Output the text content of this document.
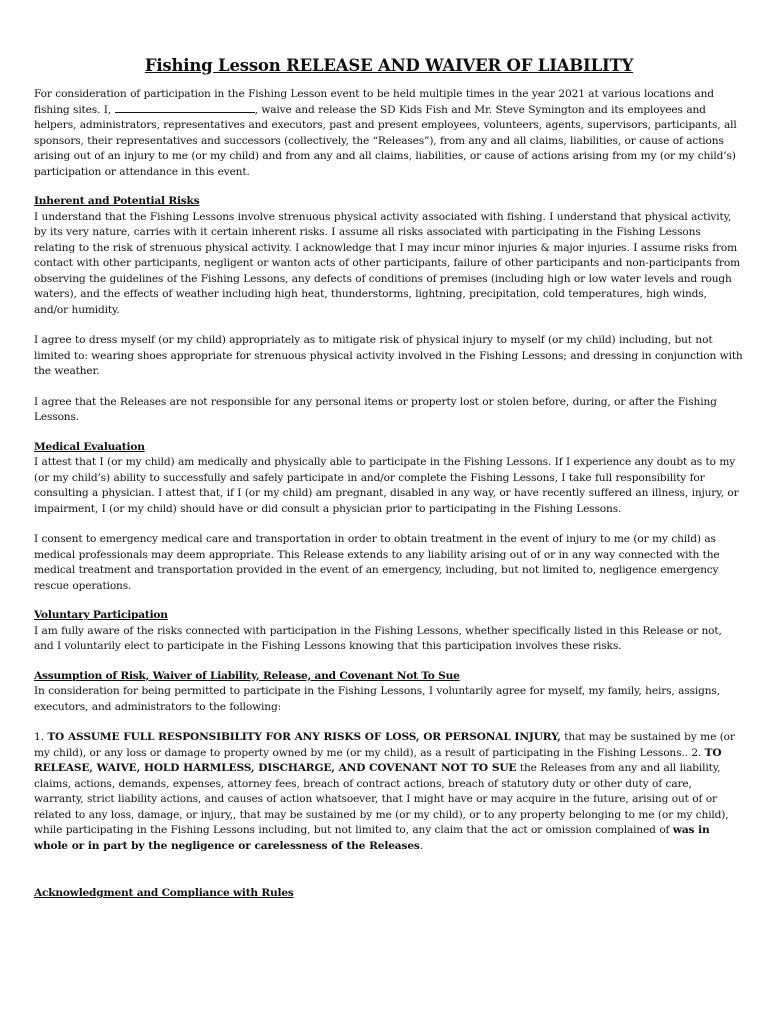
Fishing Lesson RELEASE AND WAIVER OF LIABILITY

For consideration of participation in the Fishing Lesson event to be held multiple times in the year 2021 at various locations and fishing sites. I,	, waive and release the SD Kids Fish and Mr. Steve Symington and its employees and helpers, administrators, representatives and executors, past and present employees, volunteers, agents, supervisors, participants, all sponsors, their representatives and successors (collectively, the “Releases”), from any and all claims, liabilities, or cause of actions arising out of an injury to me (or my child) and from any and all claims, liabilities, or cause of actions arising from my (or my child’s) participation or attendance in this event.

Inherent and Potential Risks

I understand that the Fishing Lessons involve strenuous physical activity associated with fishing. I understand that physical activity, by its very nature, carries with it certain inherent risks. I assume all risks associated with participating in the Fishing Lessons relating to the risk of strenuous physical activity. I acknowledge that I may incur minor injuries & major injuries. I assume risks from contact with other participants, negligent or wanton acts of other participants, failure of other participants and non-participants from observing the guidelines of the Fishing Lessons, any defects of conditions of premises (including high or low water levels and rough waters), and the effects of weather including high heat, thunderstorms, lightning, precipitation, cold temperatures, high winds, and/or humidity.

I agree to dress myself (or my child) appropriately as to mitigate risk of physical injury to myself (or my child) including, but not limited to: wearing shoes appropriate for strenuous physical activity involved in the Fishing Lessons; and dressing in conjunction with the weather.

I agree that the Releases are not responsible for any personal items or property lost or stolen before, during, or after the Fishing Lessons.

Medical Evaluation

I attest that I (or my child) am medically and physically able to participate in the Fishing Lessons. If I experience any doubt as to my (or my child’s) ability to successfully and safely participate in and/or complete the Fishing Lessons, I take full responsibility for consulting a physician. I attest that, if I (or my child) am pregnant, disabled in any way, or have recently suffered an illness, injury, or impairment, I (or my child) should have or did consult a physician prior to participating in the Fishing Lessons.

I consent to emergency medical care and transportation in order to obtain treatment in the event of injury to me (or my child) as medical professionals may deem appropriate. This Release extends to any liability arising out of or in any way connected with the medical treatment and transportation provided in the event of an emergency, including, but not limited to, negligence emergency rescue operations.

Voluntary Participation

I am fully aware of the risks connected with participation in the Fishing Lessons, whether specifically listed in this Release or not, and I voluntarily elect to participate in the Fishing Lessons knowing that this participation involves these risks.

Assumption of Risk, Waiver of Liability, Release, and Covenant Not To Sue

In consideration for being permitted to participate in the Fishing Lessons, I voluntarily agree for myself, my family, heirs, assigns, executors, and administrators to the following:

1. TO ASSUME FULL RESPONSIBILITY FOR ANY RISKS OF LOSS, OR PERSONAL INJURY, that may be sustained by me (or my child), or any loss or damage to property owned by me (or my child), as a result of participating in the Fishing Lessons.. 2. TO RELEASE, WAIVE, HOLD HARMLESS, DISCHARGE, AND COVENANT NOT TO SUE the Releases from any and all liability, claims, actions, demands, expenses, attorney fees, breach of contract actions, breach of statutory duty or other duty of care, warranty, strict liability actions, and causes of action whatsoever, that I might have or may acquire in the future, arising out of or related to any loss, damage, or injury,, that may be sustained by me (or my child), or to any property belonging to me (or my child), while participating in the Fishing Lessons including, but not limited to, any claim that the act or omission complained of was in whole or in part by the negligence or carelessness of the Releases.

Acknowledgment and Compliance with Rules
